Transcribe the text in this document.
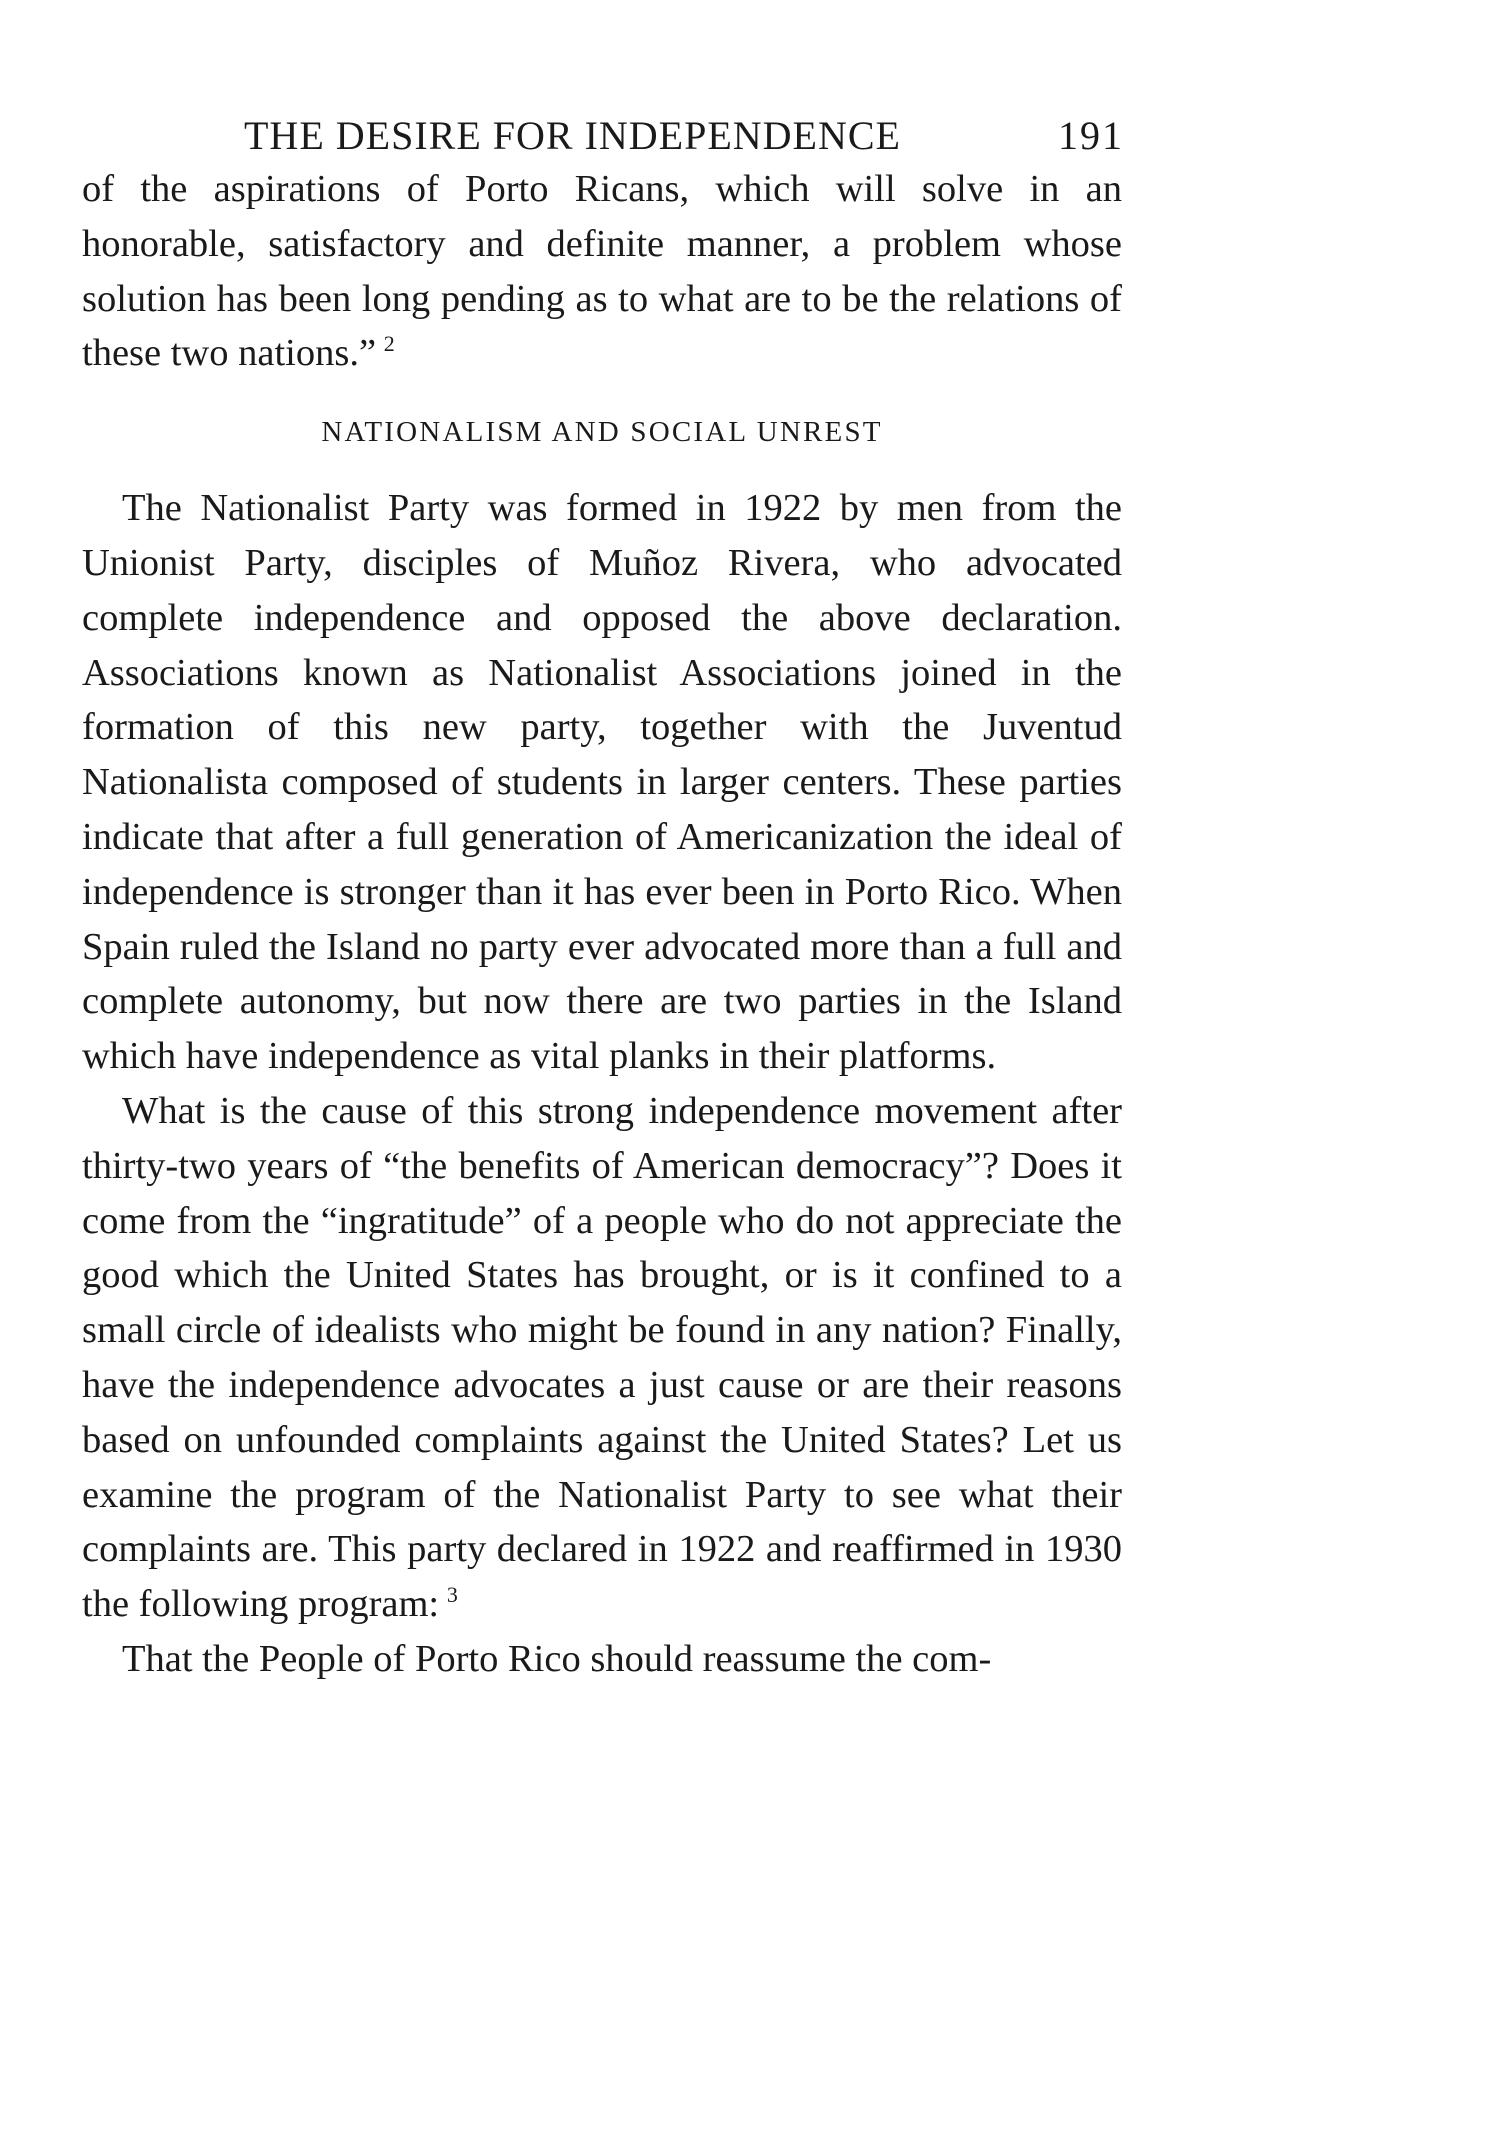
THE DESIRE FOR INDEPENDENCE	191

of the aspirations of Porto Ricans, which will solve in an honorable, satisfactory and definite manner, a problem whose solution has been long pending as to what are to be the relations of these two nations.”  $^2$

NATIONALISM AND SOCIAL UNREST

The Nationalist Party was formed in 1922 by men from the Unionist Party, disciples of Muñoz Rivera, who advocated complete independence and opposed the above declaration. Associations known as Nationalist Associations joined in the formation of this new party, together with the Juventud Nationalista composed of students in larger centers. These parties indicate that after a full generation of Americanization the ideal of independence is stronger than it has ever been in Porto Rico. When Spain ruled the Island no party ever advocated more than a full and complete autonomy, but now there are two parties in the Island which have independence as vital planks in their platforms.

What is the cause of this strong independence movement after thirty-two years of “the benefits of American democracy”? Does it come from the “ingratitude” of a people who do not appreciate the good which the United States has brought, or is it confined to a small circle of idealists who might be found in any nation? Finally, have the independence advocates a just cause or are their reasons based on unfounded complaints against the United States? Let us examine the program of the Nationalist Party to see what their complaints are. This party declared in 1922 and reaffirmed in 1930 the following program:  $^3$

That the People of Porto Rico should reassume the com-
